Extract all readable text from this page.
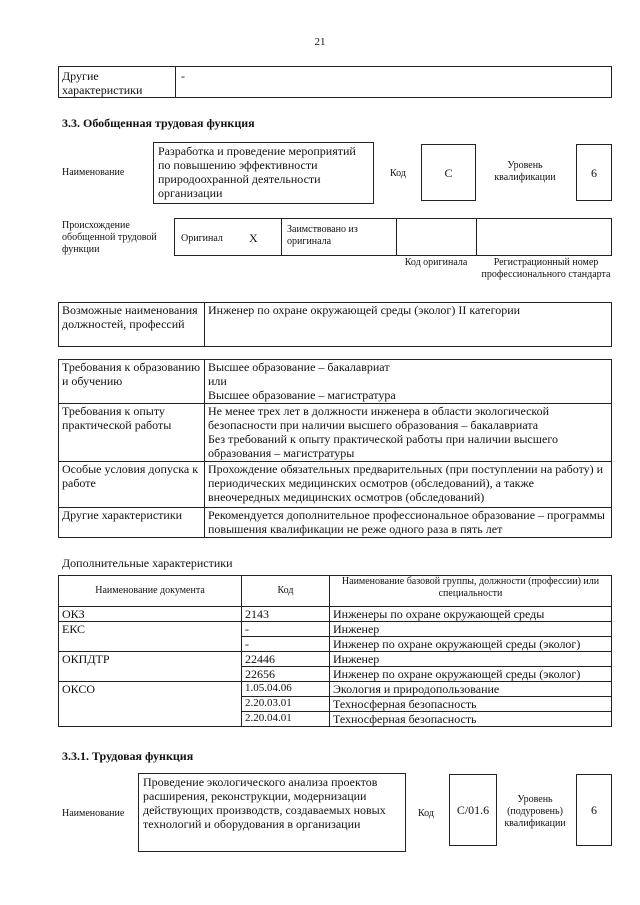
21
Другие характеристики
-
3.3. Обобщенная трудовая функция
Наименование
Разработка и проведение мероприятий по повышению эффективности природоохранной деятельности организации
Код	C	Уровень квалификации	6
Происхождение обобщенной трудовой функции
Оригинал X
Заимствовано из оригинала
Код оригинала	Регистрационный номер профессионального стандарта
Возможные наименования должностей, профессий	Инженер по охране окружающей среды (эколог) II категории
Требования к образованию и обучению	Высшее образование – бакалавриат
или
Высшее образование – магистратура

Требования к опыту практической работы	Не менее трех лет в должности инженера в области экологической безопасности при наличии высшего образования – бакалавриата
Без требований к опыту практической работы при наличии высшего образования – магистратуры

Особые условия допуска к работе	Прохождение обязательных предварительных (при поступлении на работу) и периодических медицинских осмотров (обследований), а также внеочередных медицинских осмотров (обследований)
Другие характеристики	Рекомендуется дополнительное профессиональное образование – программы повышения квалификации не реже одного раза в пять лет
Дополнительные характеристики
Наименование документа	Код	Наименование базовой группы, должности (профессии) или специальности
ОКЗ	2143	Инженеры по охране окружающей среды
ЕКС	-	Инженер
	-	Инженер по охране окружающей среды (эколог)
ОКПДТР	22446	Инженер
	22656	Инженер по охране окружающей среды (эколог)
ОКСО	1.05.04.06	Экология и природопользование
	2.20.03.01	Техносферная безопасность
	2.20.04.01	Техносферная безопасность
3.3.1. Трудовая функция
Наименование
Проведение экологического анализа проектов расширения, реконструкции, модернизации действующих производств, создаваемых новых технологий и оборудования в организации
Код C/01.6
Уровень (подуровень) квалификации
6
